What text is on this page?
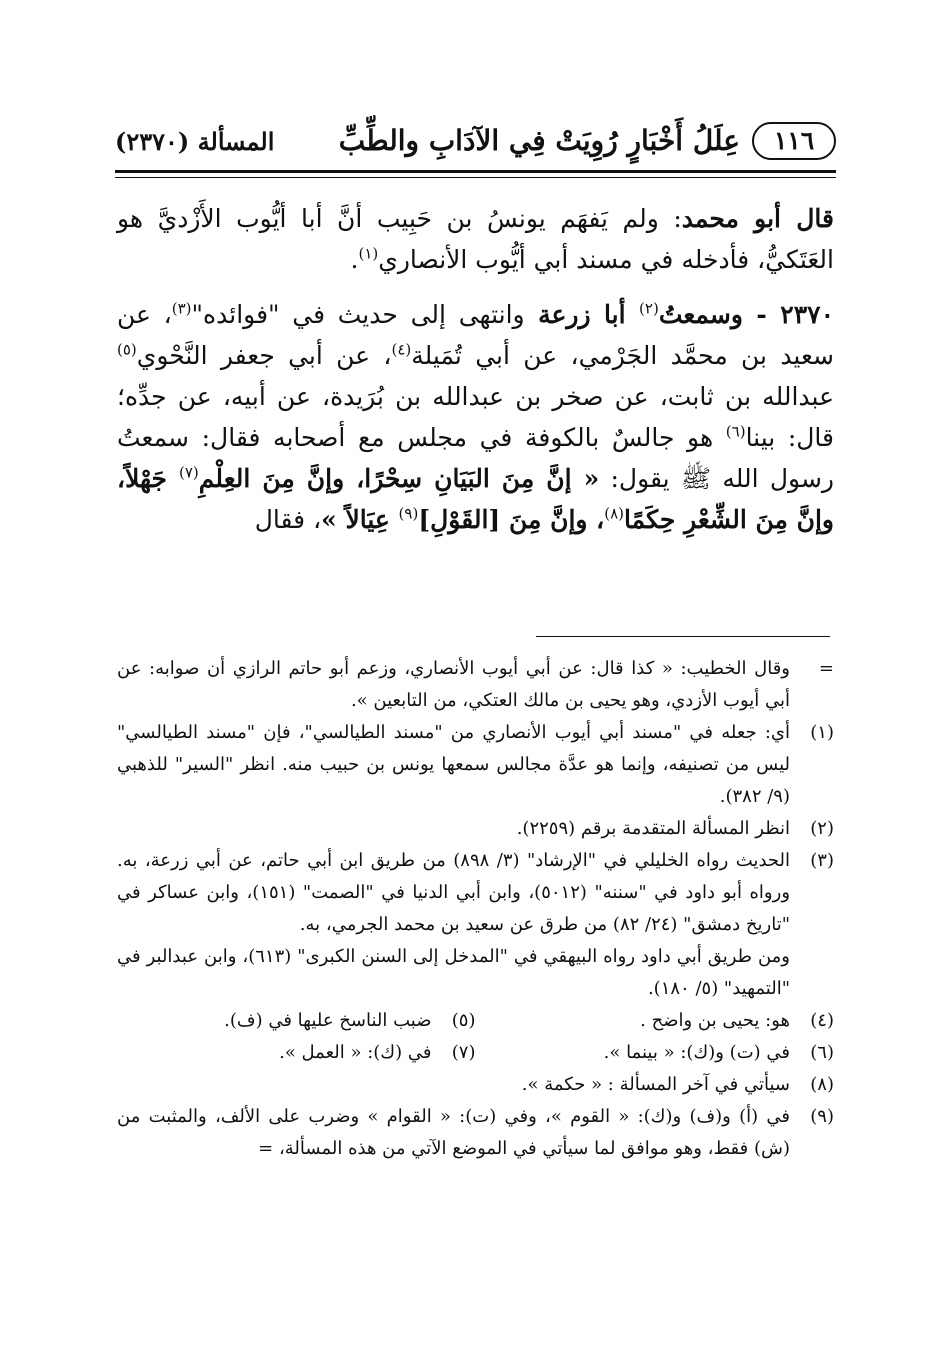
١١٦
عِلَلُ أَخْبَارٍ رُوِيَتْ فِي الآدَابِ والطِّبِّ
المسألة (٢٣٧٠)

قال أبو محمد: ولم يَفهَم يونسُ بن حَبِيب أنَّ أبا أيُّوب الأَزْديَّ هو العَتَكيُّ، فأدخله في مسند أبي أيُّوب الأنصاري$^{(١)}$.

٢٣٧٠ - وسمعتُ$^{(٢)}$ أبا زرعة وانتهى إلى حديث في "فوائده"$^{(٣)}$، عن سعيد بن محمَّد الجَرْمي، عن أبي تُمَيلة$^{(٤)}$، عن أبي جعفر النَّحْوي$^{(٥)}$ عبدالله بن ثابت، عن صخر بن عبدالله بن بُرَيدة، عن أبيه، عن جدِّه؛ قال: بينا$^{(٦)}$ هو جالسٌ بالكوفة في مجلس مع أصحابه فقال: سمعتُ رسول الله ﷺ يقول: « إنَّ مِنَ البَيَانِ سِحْرًا، وإنَّ مِنَ العِلْمِ$^{(٧)}$ جَهْلاً، وإنَّ مِنَ الشِّعْرِ حِكَمًا$^{(٨)}$، وإنَّ مِنَ [القَوْلِ]$^{(٩)}$ عِيَالاً »، فقال

=
وقال الخطيب: « كذا قال: عن أبي أيوب الأنصاري، وزعم أبو حاتم الرازي أن صوابه: عن أبي أيوب الأزدي، وهو يحيى بن مالك العتكي، من التابعين ».
(١)
أي: جعله في "مسند أبي أيوب الأنصاري من "مسند الطيالسي"، فإن "مسند الطيالسي" ليس من تصنيفه، وإنما هو عدَّة مجالس سمعها يونس بن حبيب منه. انظر "السير" للذهبي (٩/ ٣٨٢).
(٢)
انظر المسألة المتقدمة برقم (٢٢٥٩).
(٣)
الحديث رواه الخليلي في "الإرشاد" (٣/ ٨٩٨) من طريق ابن أبي حاتم، عن أبي زرعة، به. ورواه أبو داود في "سننه" (٥٠١٢)، وابن أبي الدنيا في "الصمت" (١٥١)، وابن عساكر في "تاريخ دمشق" (٢٤/ ٨٢) من طرق عن سعيد بن محمد الجرمي، به.
ومن طريق أبي داود رواه البيهقي في "المدخل إلى السنن الكبرى" (٦١٣)، وابن عبدالبر في "التمهيد" (٥/ ١٨٠).
(٤)
هو: يحيى بن واضح .
(٥)
ضبب الناسخ عليها في (ف).
(٦)
في (ت) و(ك): « بينما ».
(٧)
في (ك): « العمل ».
(٨)
سيأتي في آخر المسألة : « حكمة ».
(٩)
في (أ) و(ف) و(ك): « القوم »، وفي (ت): « القوام » وضرب على الألف، والمثبت من (ش) فقط، وهو موافق لما سيأتي في الموضع الآتي من هذه المسألة، =
